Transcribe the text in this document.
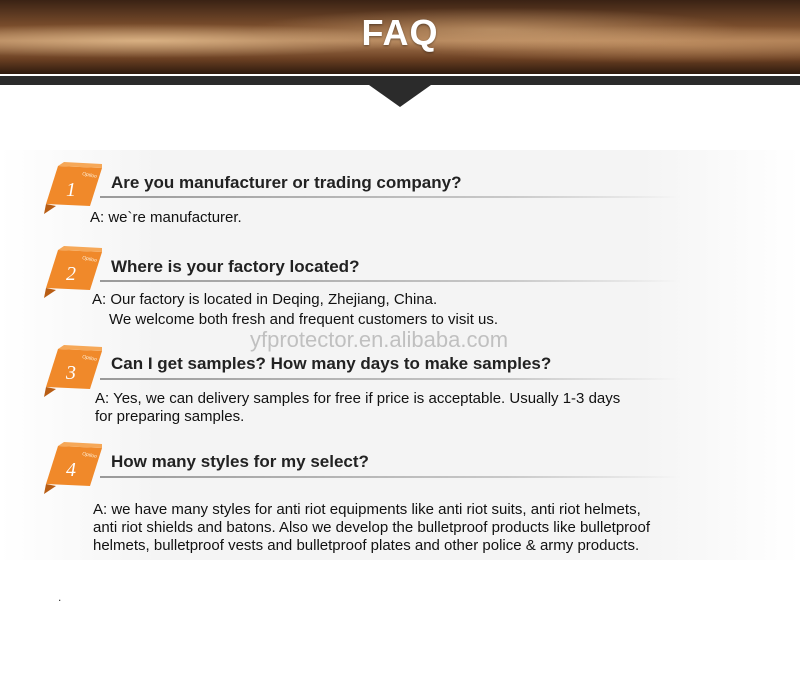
FAQ
yfprotector.en.alibaba.com
Option
1 Are you manufacturer or trading company?
A: we`re manufacturer.
Option
2 Where is your factory located?
A: Our factory is located in Deqing, Zhejiang, China.
We welcome both fresh and frequent customers to visit us.
Option
3 Can I get samples? How many days to make samples?
A: Yes, we can delivery samples for free if price is acceptable. Usually 1-3 days
for preparing samples.
Option
4 How many styles for my select?
A: we have many styles for anti riot equipments like anti riot suits, anti riot helmets,
anti riot shields and batons. Also we develop the bulletproof products like bulletproof
helmets, bulletproof vests and bulletproof plates and other police & army products.
.
